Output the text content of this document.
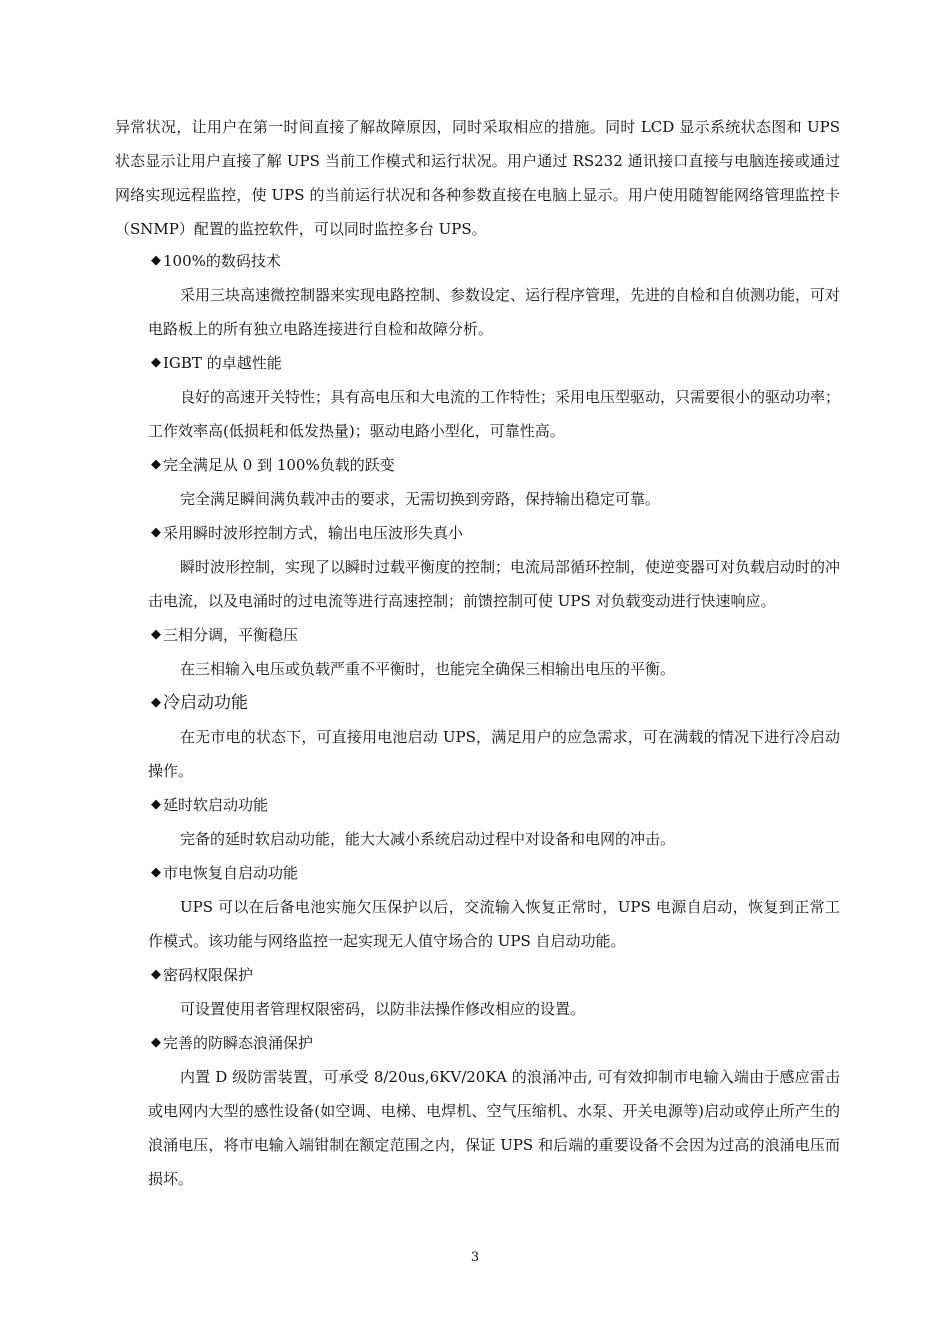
异常状况，让用户在第一时间直接了解故障原因，同时采取相应的措施。同时 LCD 显示系统状态图和 UPS 状态显示让用户直接了解 UPS 当前工作模式和运行状况。用户通过 RS232 通讯接口直接与电脑连接或通过网络实现远程监控，使 UPS 的当前运行状况和各种参数直接在电脑上显示。用户使用随智能网络管理监控卡（SNMP）配置的监控软件，可以同时监控多台 UPS。

◆ 100%的数码技术

采用三块高速微控制器来实现电路控制、参数设定、运行程序管理，先进的自检和自侦测功能，可对电路板上的所有独立电路连接进行自检和故障分析。

◆ IGBT 的卓越性能

良好的高速开关特性；具有高电压和大电流的工作特性；采用电压型驱动，只需要很小的驱动功率；工作效率高(低损耗和低发热量)；驱动电路小型化，可靠性高。

◆ 完全满足从 0 到 100%负载的跃变

完全满足瞬间满负载冲击的要求，无需切换到旁路，保持输出稳定可靠。

◆ 采用瞬时波形控制方式，输出电压波形失真小

瞬时波形控制，实现了以瞬时过载平衡度的控制；电流局部循环控制，使逆变器可对负载启动时的冲击电流，以及电涌时的过电流等进行高速控制；前馈控制可使 UPS 对负载变动进行快速响应。

◆ 三相分调，平衡稳压

在三相输入电压或负载严重不平衡时，也能完全确保三相输出电压的平衡。

◆ 冷启动功能

在无市电的状态下，可直接用电池启动 UPS，满足用户的应急需求，可在满载的情况下进行冷启动操作。

◆ 延时软启动功能

完备的延时软启动功能，能大大减小系统启动过程中对设备和电网的冲击。

◆ 市电恢复自启动功能

UPS 可以在后备电池实施欠压保护以后，交流输入恢复正常时，UPS 电源自启动，恢复到正常工作模式。该功能与网络监控一起实现无人值守场合的 UPS 自启动功能。

◆ 密码权限保护

可设置使用者管理权限密码，以防非法操作修改相应的设置。

◆ 完善的防瞬态浪涌保护

内置 D 级防雷装置，可承受 8/20us,6KV/20KA 的浪涌冲击, 可有效抑制市电输入端由于感应雷击或电网内大型的感性设备(如空调、电梯、电焊机、空气压缩机、水泵、开关电源等)启动或停止所产生的浪涌电压，将市电输入端钳制在额定范围之内，保证 UPS 和后端的重要设备不会因为过高的浪涌电压而损坏。

3
